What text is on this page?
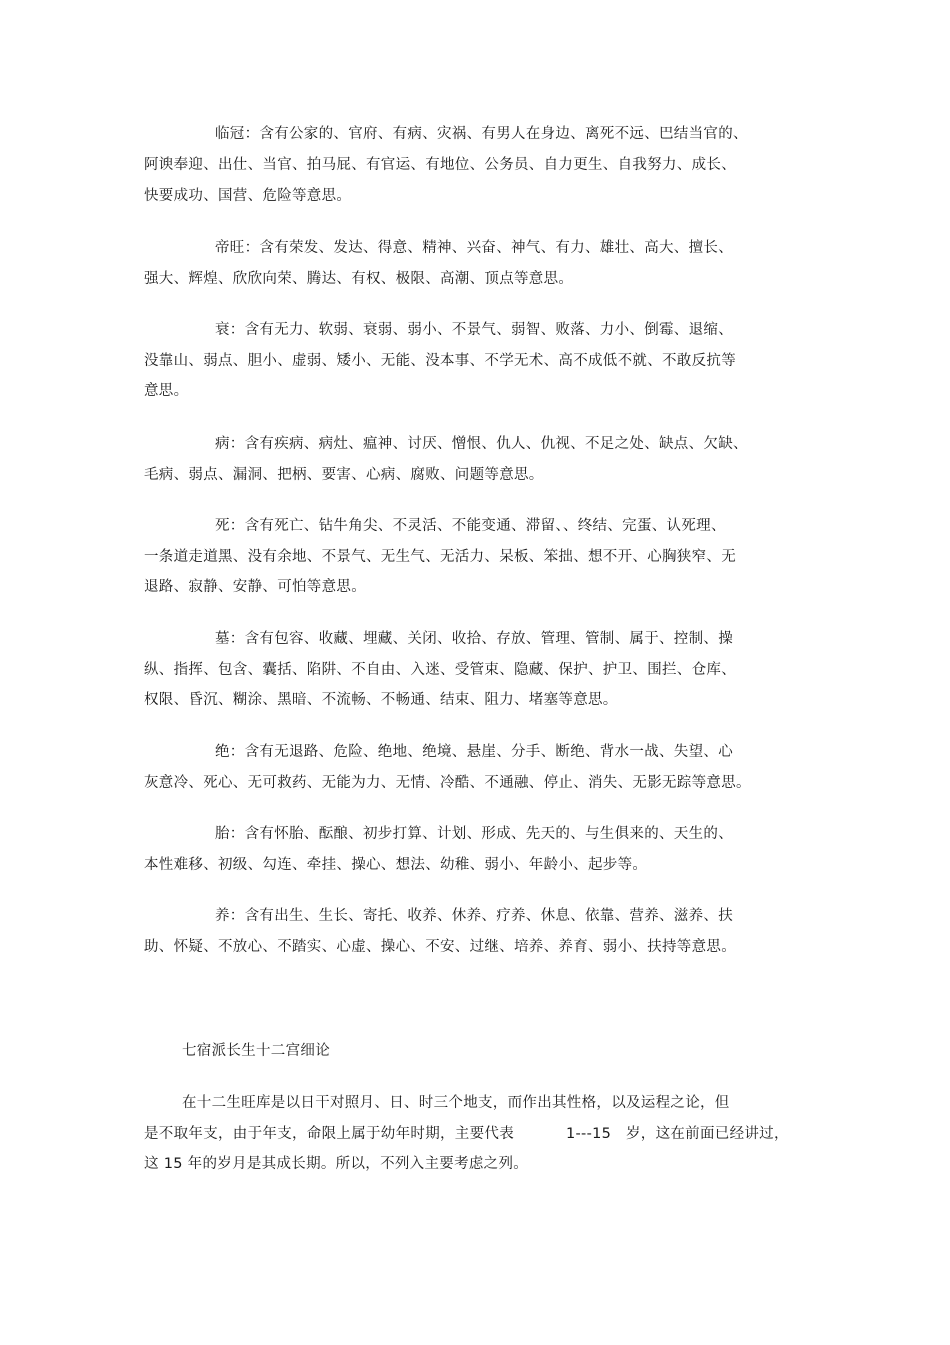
临冠：含有公家的、官府、有病、灾祸、有男人在身边、离死不远、巴结当官的、
阿谀奉迎、出仕、当官、拍马屁、有官运、有地位、公务员、自力更生、自我努力、成长、
快要成功、国营、危险等意思。
帝旺：含有荣发、发达、得意、精神、兴奋、神气、有力、雄壮、高大、擅长、
强大、辉煌、欣欣向荣、腾达、有权、极限、高潮、顶点等意思。
衰：含有无力、软弱、衰弱、弱小、不景气、弱智、败落、力小、倒霉、退缩、
没靠山、弱点、胆小、虚弱、矮小、无能、没本事、不学无术、高不成低不就、不敢反抗等
意思。
病：含有疾病、病灶、瘟神、讨厌、憎恨、仇人、仇视、不足之处、缺点、欠缺、
毛病、弱点、漏洞、把柄、要害、心病、腐败、问题等意思。
死：含有死亡、钻牛角尖、不灵活、不能变通、滞留、、终结、完蛋、认死理、
一条道走道黑、没有余地、不景气、无生气、无活力、呆板、笨拙、想不开、心胸狭窄、无
退路、寂静、安静、可怕等意思。
墓：含有包容、收藏、埋藏、关闭、收拾、存放、管理、管制、属于、控制、操
纵、指挥、包含、囊括、陷阱、不自由、入迷、受管束、隐藏、保护、护卫、围拦、仓库、
权限、昏沉、糊涂、黑暗、不流畅、不畅通、结束、阻力、堵塞等意思。
绝：含有无退路、危险、绝地、绝境、悬崖、分手、断绝、背水一战、失望、心
灰意冷、死心、无可救药、无能为力、无情、冷酷、不通融、停止、消失、无影无踪等意思。
胎：含有怀胎、酝酿、初步打算、计划、形成、先天的、与生俱来的、天生的、
本性难移、初级、勾连、牵挂、操心、想法、幼稚、弱小、年龄小、起步等。
养：含有出生、生长、寄托、收养、休养、疗养、休息、依靠、营养、滋养、扶
助、怀疑、不放心、不踏实、心虚、操心、不安、过继、培养、养育、弱小、扶持等意思。
七宿派长生十二宫细论
在十二生旺库是以日干对照月、日、时三个地支，而作出其性格，以及运程之论，但
是不取年支，由于年支，命限上属于幼年时期，主要代表	1---15　岁，这在前面已经讲过，
这 15 年的岁月是其成长期。所以，不列入主要考虑之列。
